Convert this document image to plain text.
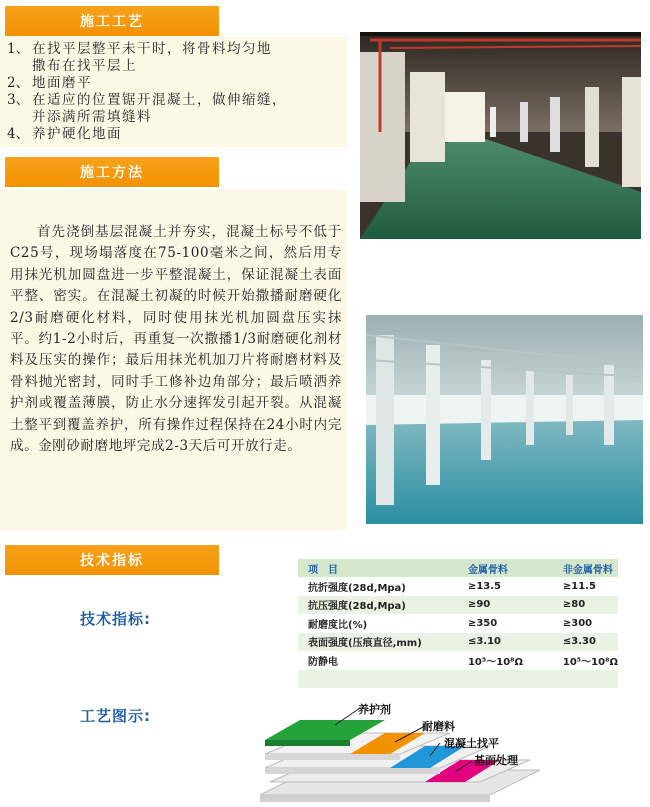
施工工艺
1、 在找平层整平未干时，将骨料均匀地
撒布在找平层上
2、 地面磨平
3、 在适应的位置锯开混凝土，做伸缩缝，
并添满所需填缝料
4、 养护硬化地面
施工方法
首先浇倒基层混凝土并夯实，混凝土标号不低于C25号，现场塌落度在75-100毫米之间，然后用专用抹光机加圆盘进一步平整混凝土，保证混凝土表面平整、密实。在混凝土初凝的时候开始撒播耐磨硬化2/3耐磨硬化材料，同时使用抹光机加圆盘压实抹平。约1-2小时后，再重复一次撒播1/3耐磨硬化剂材料及压实的操作；最后用抹光机加刀片将耐磨材料及骨料抛光密封，同时手工修补边角部分；最后喷洒养护剂或覆盖薄膜，防止水分速挥发引起开裂。从混凝土整平到覆盖养护，所有操作过程保持在24小时内完成。金刚砂耐磨地坪完成2-3天后可开放行走。
技术指标
技术指标:
项　目	金属骨料	非金属骨料
抗折强度(28d,Mpa)	≥13.5	≥11.5
抗压强度(28d,Mpa)	≥90	≥80
耐磨度比(%)	≥350	≥300
表面强度(压痕直径,mm)	≤3.10	≤3.30
防静电	10⁵～10⁸Ω	10⁵～10⁸Ω

工艺图示:	养护剂
耐磨料
混凝土找平
基面处理
